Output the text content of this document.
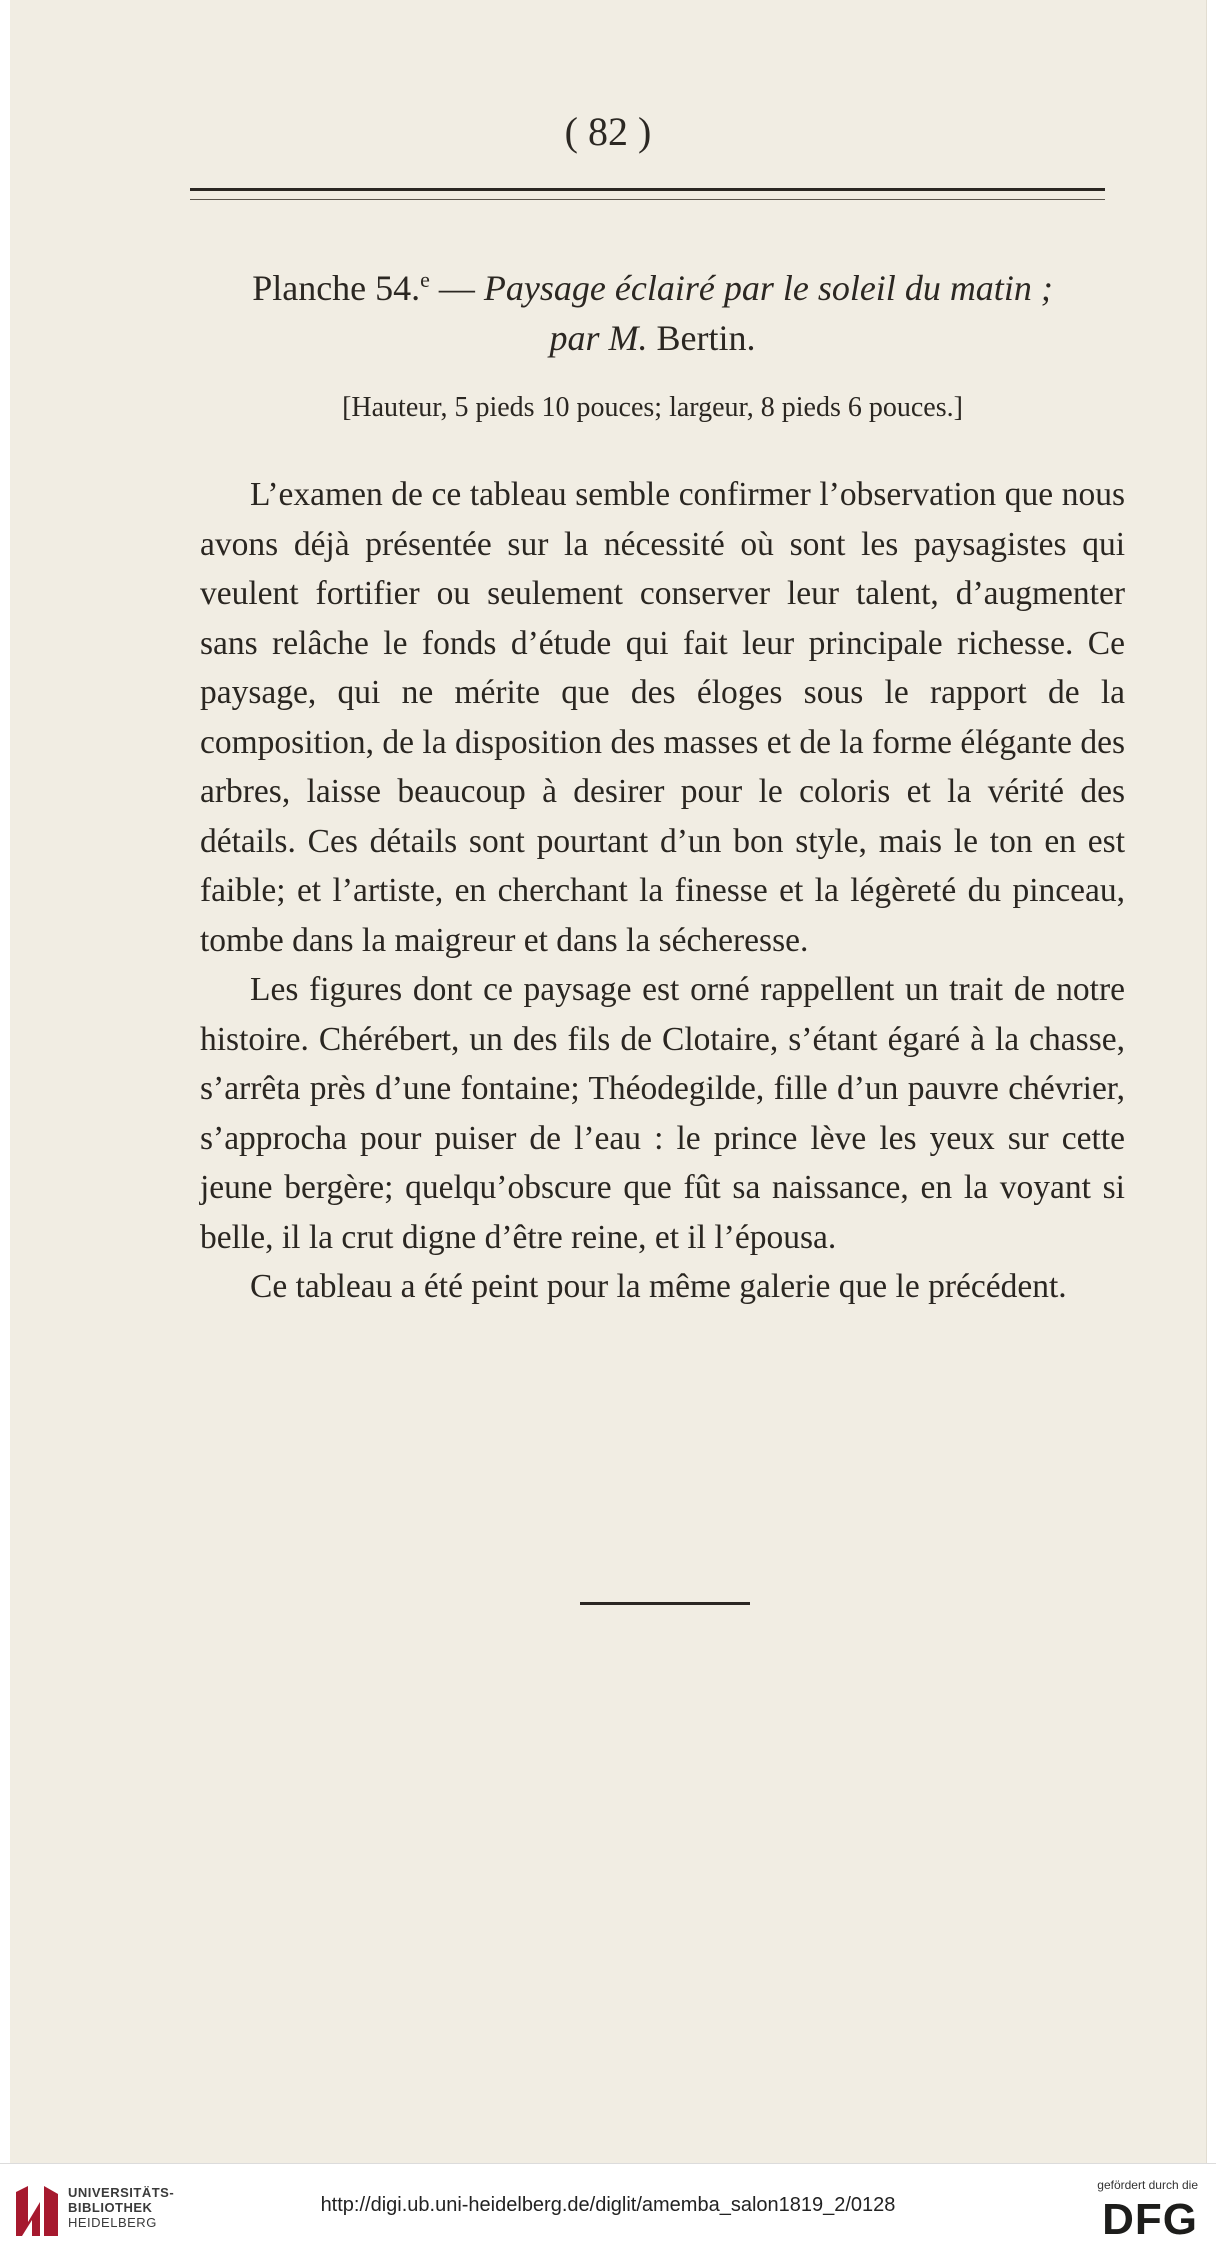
( 82 )
Planche 54.$^e$ — Paysage éclairé par le soleil du matin ;
par M. Bertin.
[Hauteur, 5 pieds 10 pouces; largeur, 8 pieds 6 pouces.]

L’examen de ce tableau semble confirmer l’observation que nous avons déjà présentée sur la nécessité où sont les paysagistes qui veulent fortifier ou seulement conserver leur talent, d’augmenter sans relâche le fonds d’étude qui fait leur principale richesse. Ce paysage, qui ne mérite que des éloges sous le rapport de la composition, de la disposition des masses et de la forme élégante des arbres, laisse beaucoup à desirer pour le coloris et la vérité des détails. Ces détails sont pourtant d’un bon style, mais le ton en est faible; et l’artiste, en cherchant la finesse et la légèreté du pinceau, tombe dans la maigreur et dans la sécheresse.

Les figures dont ce paysage est orné rappellent un trait de notre histoire. Chérébert, un des fils de Clotaire, s’étant égaré à la chasse, s’arrêta près d’une fontaine; Théodegilde, fille d’un pauvre chévrier, s’approcha pour puiser de l’eau : le prince lève les yeux sur cette jeune bergère; quelqu’obscure que fût sa naissance, en la voyant si belle, il la crut digne d’être reine, et il l’épousa.

Ce tableau a été peint pour la même galerie que le précédent.

UNIVERSITÄTS-
BIBLIOTHEK
HEIDELBERG
http://digi.ub.uni-heidelberg.de/diglit/amemba_salon1819_2/0128
gefördert durch die
DFG
